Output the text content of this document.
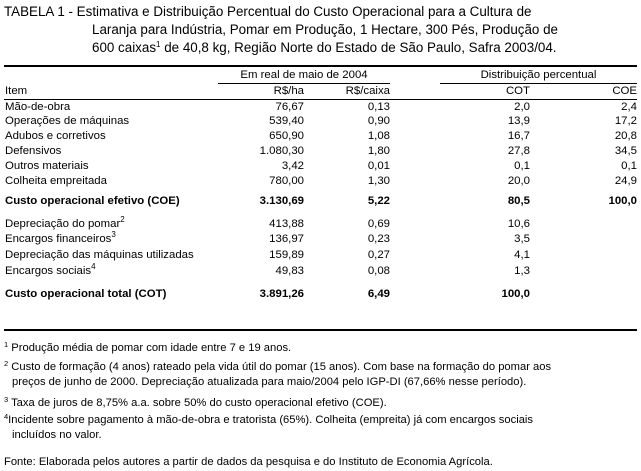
TABELA 1 - Estimativa e Distribuição Percentual do Custo Operacional para a Cultura de
Laranja para Indústria, Pomar em Produção, 1 Hectare, 300 Pés, Produção de
600 caixas$^1$ de 40,8 kg, Região Norte do Estado de São Paulo, Safra 2003/04.
Em real de maio de 2004	Distribuição percentual
Item	R$/ha	R$/caixa	COT	COE
Mão-de-obra	76,67	0,13	2,0	2,4
Operações de máquinas	539,40	0,90	13,9	17,2
Adubos e corretivos	650,90	1,08	16,7	20,8
Defensivos	1.080,30	1,80	27,8	34,5
Outros materiais	3,42	0,01	0,1	0,1
Colheita empreitada	780,00	1,30	20,0	24,9
Custo operacional efetivo (COE)	3.130,69	5,22	80,5	100,0
Depreciação do pomar$^2$	413,88	0,69	10,6
Encargos financeiros$^3$	136,97	0,23	3,5
Depreciação das máquinas utilizadas	159,89	0,27	4,1
Encargos sociais$^4$	49,83	0,08	1,3
Custo operacional total (COT)	3.891,26	6,49	100,0
$^1$ Produção média de pomar com idade entre 7 e 19 anos.
$^2$ Custo de formação (4 anos) rateado pela vida útil do pomar (15 anos). Com base na formação do pomar aos
preços de junho de 2000. Depreciação atualizada para maio/2004 pelo IGP-DI (67,66% nesse período).
$^3$ Taxa de juros de 8,75% a.a. sobre 50% do custo operacional efetivo (COE).
$^4$Incidente sobre pagamento à mão-de-obra e tratorista (65%). Colheita (empreita) já com encargos sociais
incluídos no valor.
Fonte: Elaborada pelos autores a partir de dados da pesquisa e do Instituto de Economia Agrícola.
